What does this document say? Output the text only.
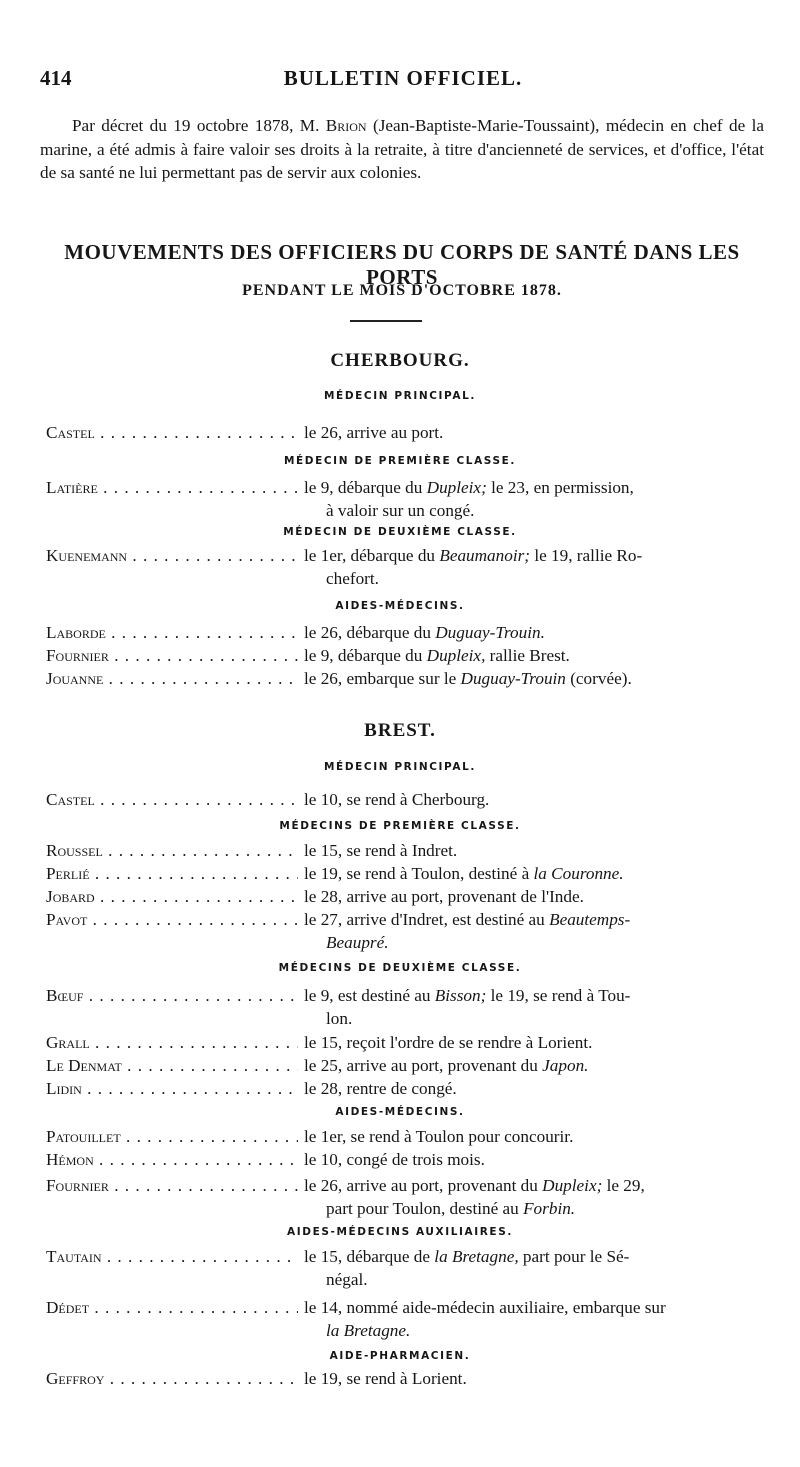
414	BULLETIN OFFICIEL.

Par décret du 19 octobre 1878, M. Brion (Jean-Baptiste-Marie-Toussaint), médecin en chef de la marine, a été admis à faire valoir ses droits à la retraite, à titre d'ancienneté de services, et d'office, l'état de sa santé ne lui permettant pas de servir aux colonies.

MOUVEMENTS DES OFFICIERS DU CORPS DE SANTÉ DANS LES PORTS
PENDANT LE MOIS D'OCTOBRE 1878.
CHERBOURG.
MÉDECIN PRINCIPAL.
Castel . . .	le 26, arrive au port.
MÉDECIN DE PREMIÈRE CLASSE.
Latière . . .	le 9, débarque du Dupleix; le 23, en permission,
à valoir sur un congé.
MÉDECIN DE DEUXIÈME CLASSE.
Kuenemann . . .	le 1er, débarque du Beaumanoir; le 19, rallie Ro-
chefort.
AIDES-MÉDECINS.
Laborde . . .	le 26, débarque du Duguay-Trouin.
Fournier . . .	le 9, débarque du Dupleix, rallie Brest.
Jouanne . . .	le 26, embarque sur le Duguay-Trouin (corvée).
BREST.
MÉDECIN PRINCIPAL.
Castel . . .	le 10, se rend à Cherbourg.
MÉDECINS DE PREMIÈRE CLASSE.
Roussel . . .	le 15, se rend à Indret.
Perlié . . .	le 19, se rend à Toulon, destiné à la Couronne.
Jobard . . .	le 28, arrive au port, provenant de l'Inde.
Pavot . . .	le 27, arrive d'Indret, est destiné au Beautemps-
Beaupré.
MÉDECINS DE DEUXIÈME CLASSE.
Bœuf . . .	le 9, est destiné au Bisson; le 19, se rend à Tou-
lon.
Grall . . .	le 15, reçoit l'ordre de se rendre à Lorient.
Le Denmat . . .	le 25, arrive au port, provenant du Japon.
Lidin . . .	le 28, rentre de congé.
AIDES-MÉDECINS.
Patouillet . . .	le 1er, se rend à Toulon pour concourir.
Hémon . . .	le 10, congé de trois mois.
Fournier . . .	le 26, arrive au port, provenant du Dupleix; le 29,
part pour Toulon, destiné au Forbin.
AIDES-MÉDECINS AUXILIAIRES.
Tautain . . .	le 15, débarque de la Bretagne, part pour le Sé-
négal.
Dédet . . .	le 14, nommé aide-médecin auxiliaire, embarque sur
la Bretagne.
AIDE-PHARMACIEN.
Geffroy . . .	le 19, se rend à Lorient.
